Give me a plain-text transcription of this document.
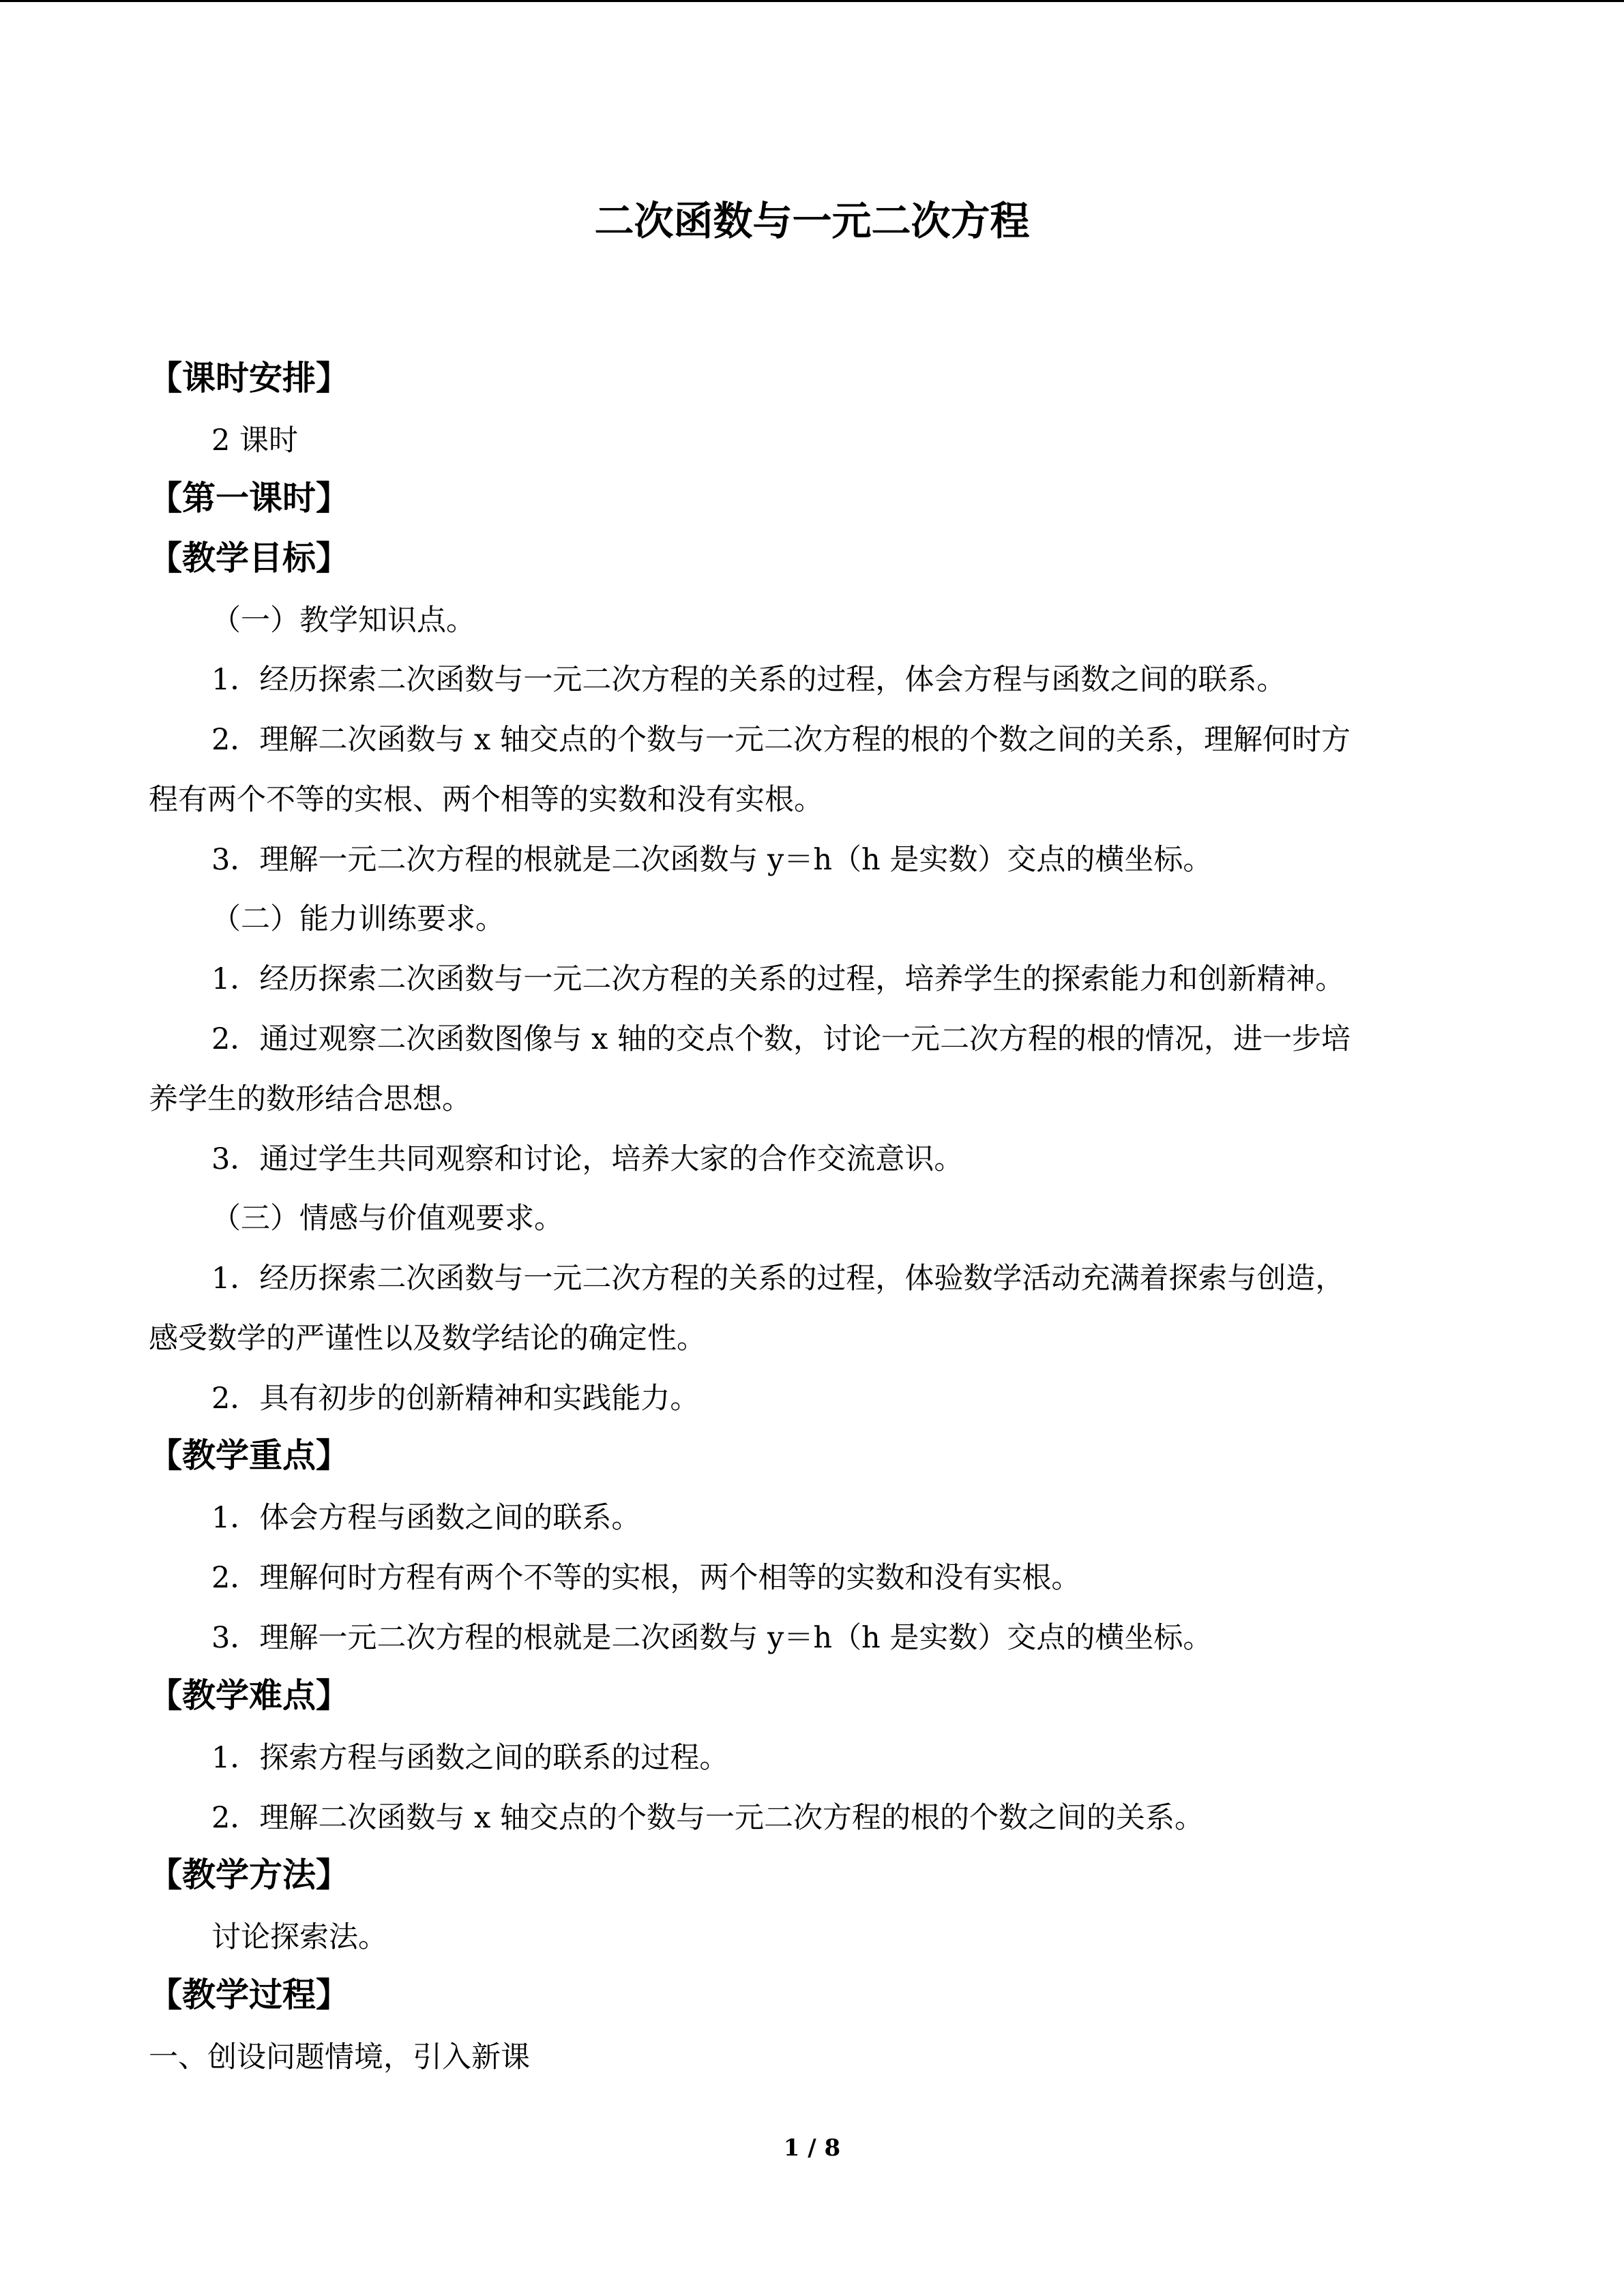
二次函数与一元二次方程
【课时安排】
2 课时
【第一课时】
【教学目标】
（一）教学知识点。
1．经历探索二次函数与一元二次方程的关系的过程，体会方程与函数之间的联系。
2．理解二次函数与 x 轴交点的个数与一元二次方程的根的个数之间的关系，理解何时方
程有两个不等的实根、两个相等的实数和没有实根。
3．理解一元二次方程的根就是二次函数与 y＝h（h 是实数）交点的横坐标。
（二）能力训练要求。
1．经历探索二次函数与一元二次方程的关系的过程，培养学生的探索能力和创新精神。
2．通过观察二次函数图像与 x 轴的交点个数，讨论一元二次方程的根的情况，进一步培
养学生的数形结合思想。
3．通过学生共同观察和讨论，培养大家的合作交流意识。
（三）情感与价值观要求。
1．经历探索二次函数与一元二次方程的关系的过程，体验数学活动充满着探索与创造，
感受数学的严谨性以及数学结论的确定性。
2．具有初步的创新精神和实践能力。
【教学重点】
1．体会方程与函数之间的联系。
2．理解何时方程有两个不等的实根，两个相等的实数和没有实根。
3．理解一元二次方程的根就是二次函数与 y＝h（h 是实数）交点的横坐标。
【教学难点】
1．探索方程与函数之间的联系的过程。
2．理解二次函数与 x 轴交点的个数与一元二次方程的根的个数之间的关系。
【教学方法】
讨论探索法。
【教学过程】
一、创设问题情境，引入新课
1 / 8
